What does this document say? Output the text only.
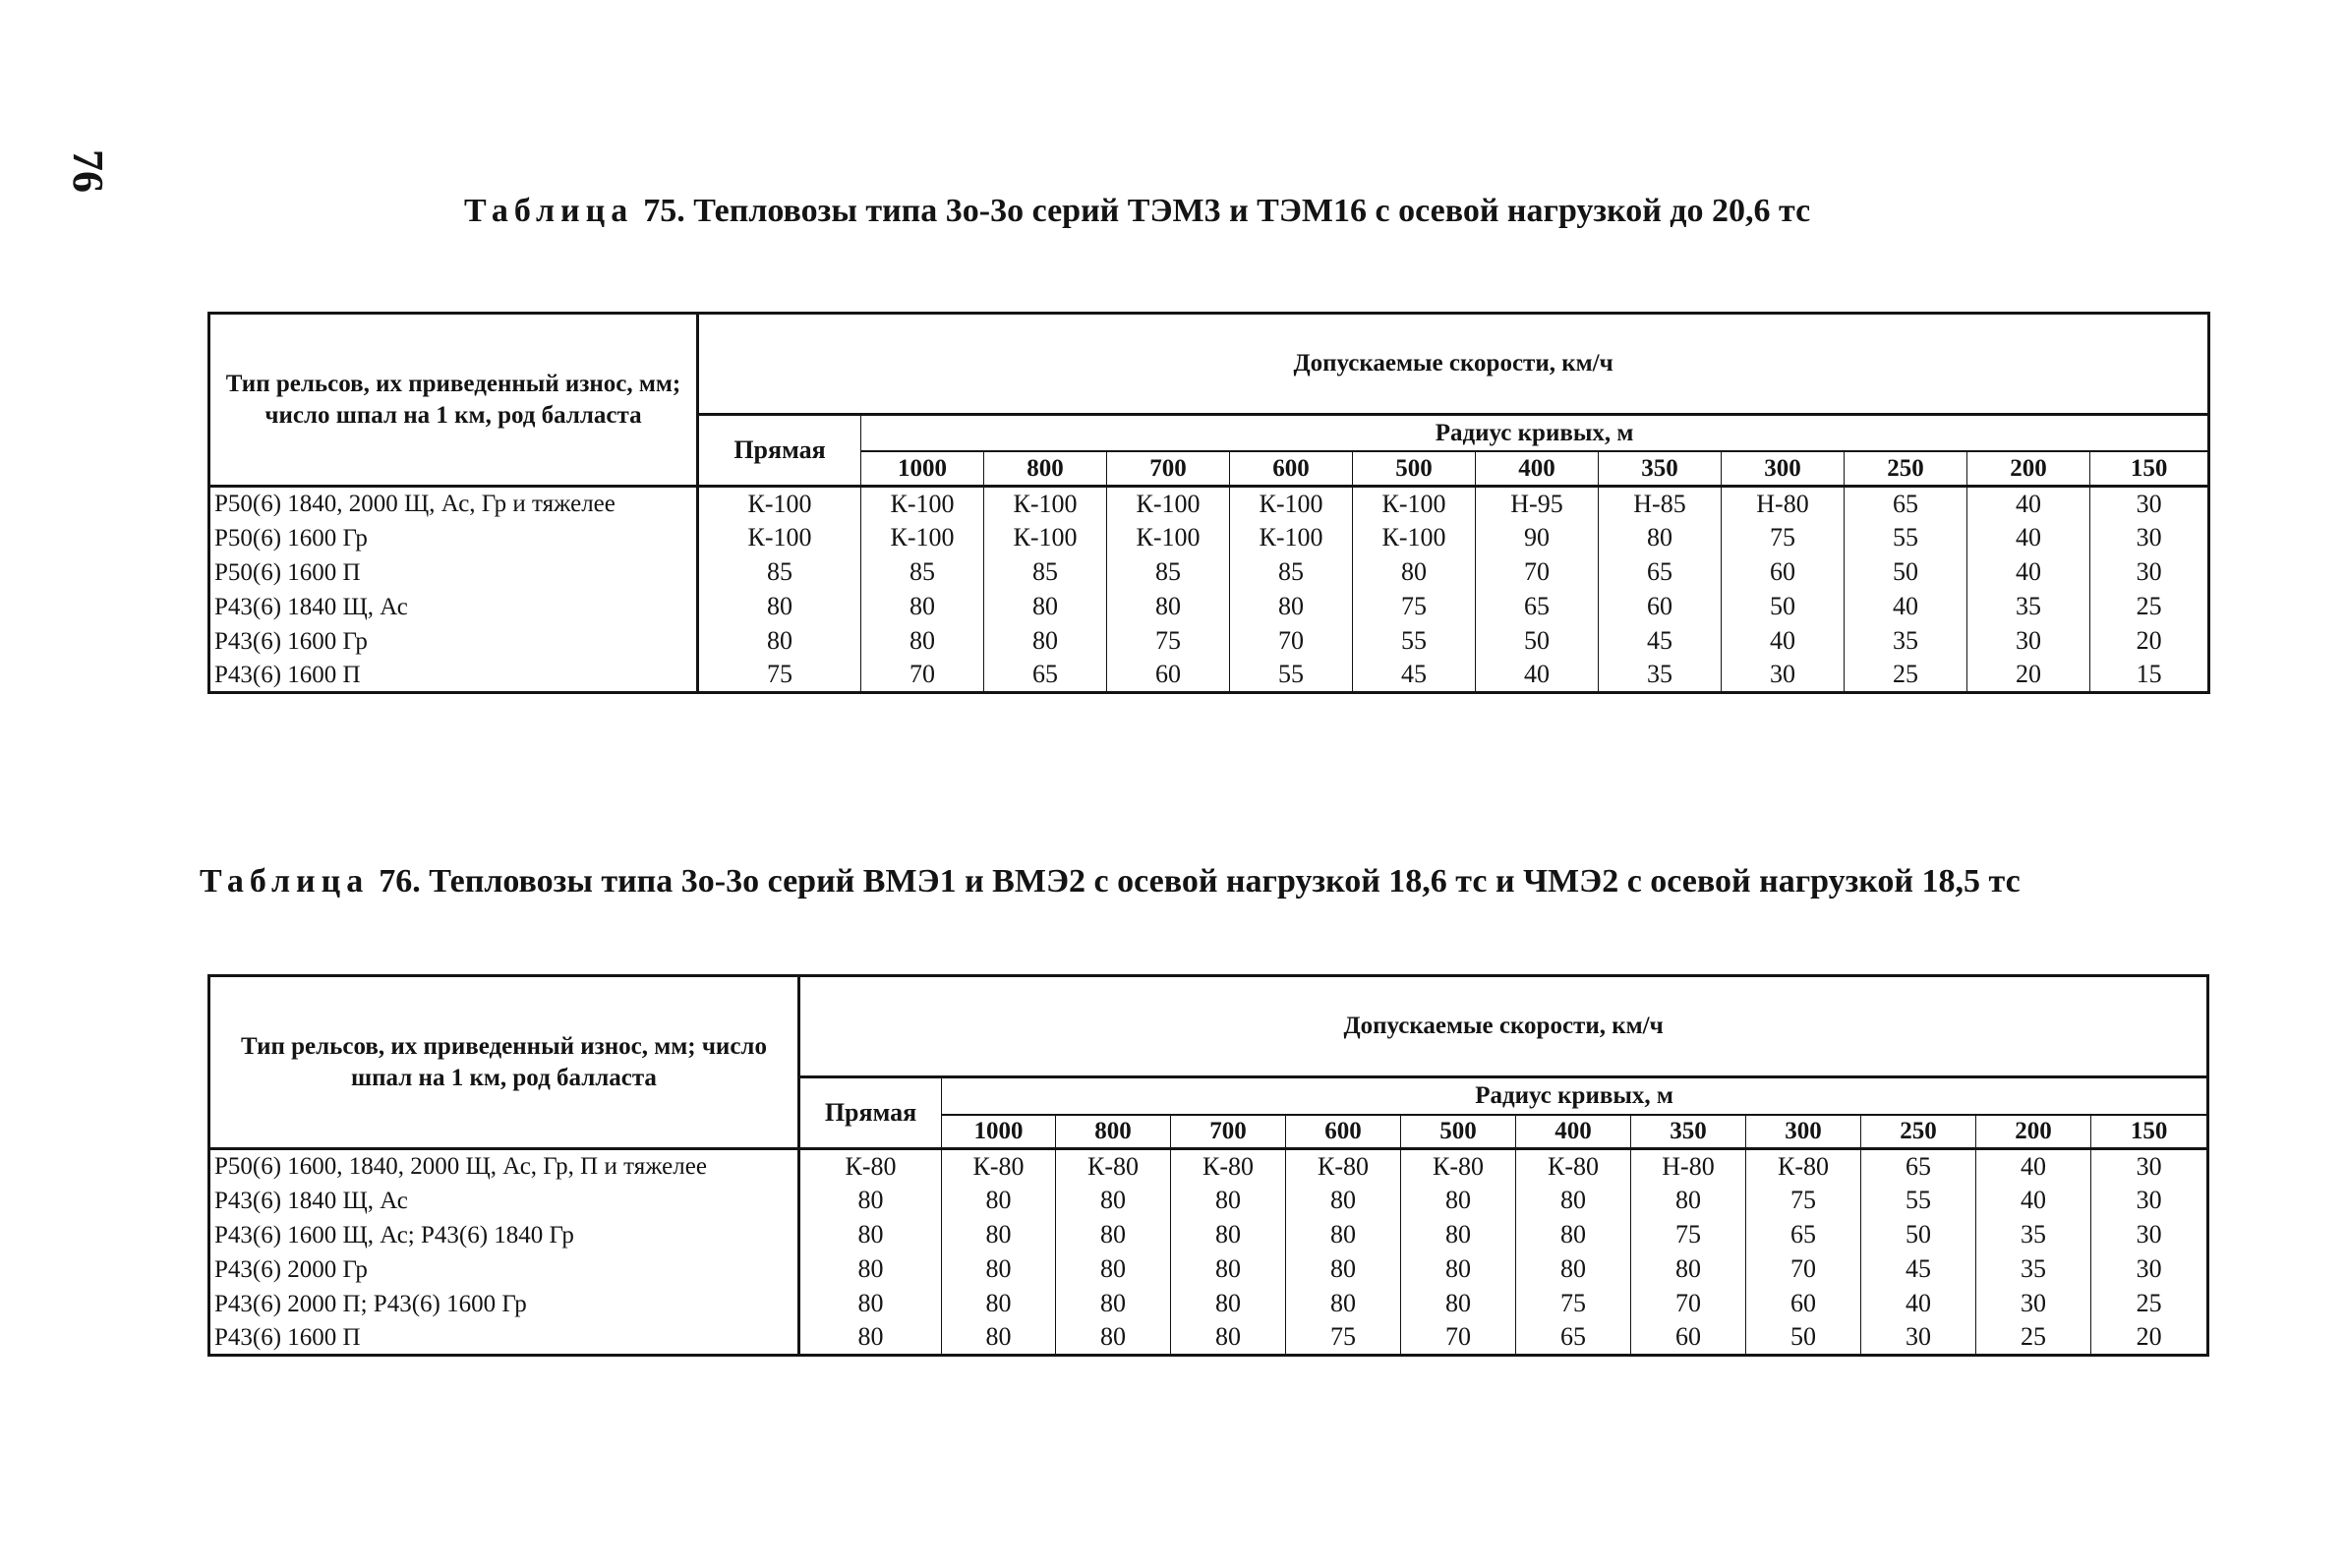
76
Таблица 75. Тепловозы типа 3о-3о серий ТЭМ3 и ТЭМ16 с осевой нагрузкой до 20,6 тс
Тип рельсов, их приведенный износ, мм; число шпал на 1 км, род балласта	Допускаемые скорости, км/ч											
	Прямая	Радиус кривых, м										
		1000	800	700	600	500	400	350	300	250	200	150
Р50(6) 1840, 2000 Щ, Ас, Гр и тяжелее	К-100	К-100	К-100	К-100	К-100	К-100	Н-95	Н-85	Н-80	65	40	30
Р50(6) 1600 Гр	К-100	К-100	К-100	К-100	К-100	К-100	90	80	75	55	40	30
Р50(6) 1600 П	85	85	85	85	85	80	70	65	60	50	40	30
Р43(6) 1840 Щ, Ас	80	80	80	80	80	75	65	60	50	40	35	25
Р43(6) 1600 Гр	80	80	80	75	70	55	50	45	40	35	30	20
Р43(6) 1600 П	75	70	65	60	55	45	40	35	30	25	20	15
Таблица 76. Тепловозы типа 3о-3о серий ВМЭ1 и ВМЭ2 с осевой нагрузкой 18,6 тс и ЧМЭ2 с осевой нагрузкой 18,5 тс
Тип рельсов, их приведенный износ, мм; число шпал на 1 км, род балласта	Допускаемые скорости, км/ч											
	Прямая	Радиус кривых, м										
		1000	800	700	600	500	400	350	300	250	200	150
Р50(6) 1600, 1840, 2000 Щ, Ас, Гр, П и тяжелее	К-80	К-80	К-80	К-80	К-80	К-80	К-80	Н-80	К-80	65	40	30
Р43(6) 1840 Щ, Ас	80	80	80	80	80	80	80	80	75	55	40	30
Р43(6) 1600 Щ, Ас; Р43(6) 1840 Гр	80	80	80	80	80	80	80	75	65	50	35	30
Р43(6) 2000 Гр	80	80	80	80	80	80	80	80	70	45	35	30
Р43(6) 2000 П; Р43(6) 1600 Гр	80	80	80	80	80	80	75	70	60	40	30	25
Р43(6) 1600 П	80	80	80	80	75	70	65	60	50	30	25	20
